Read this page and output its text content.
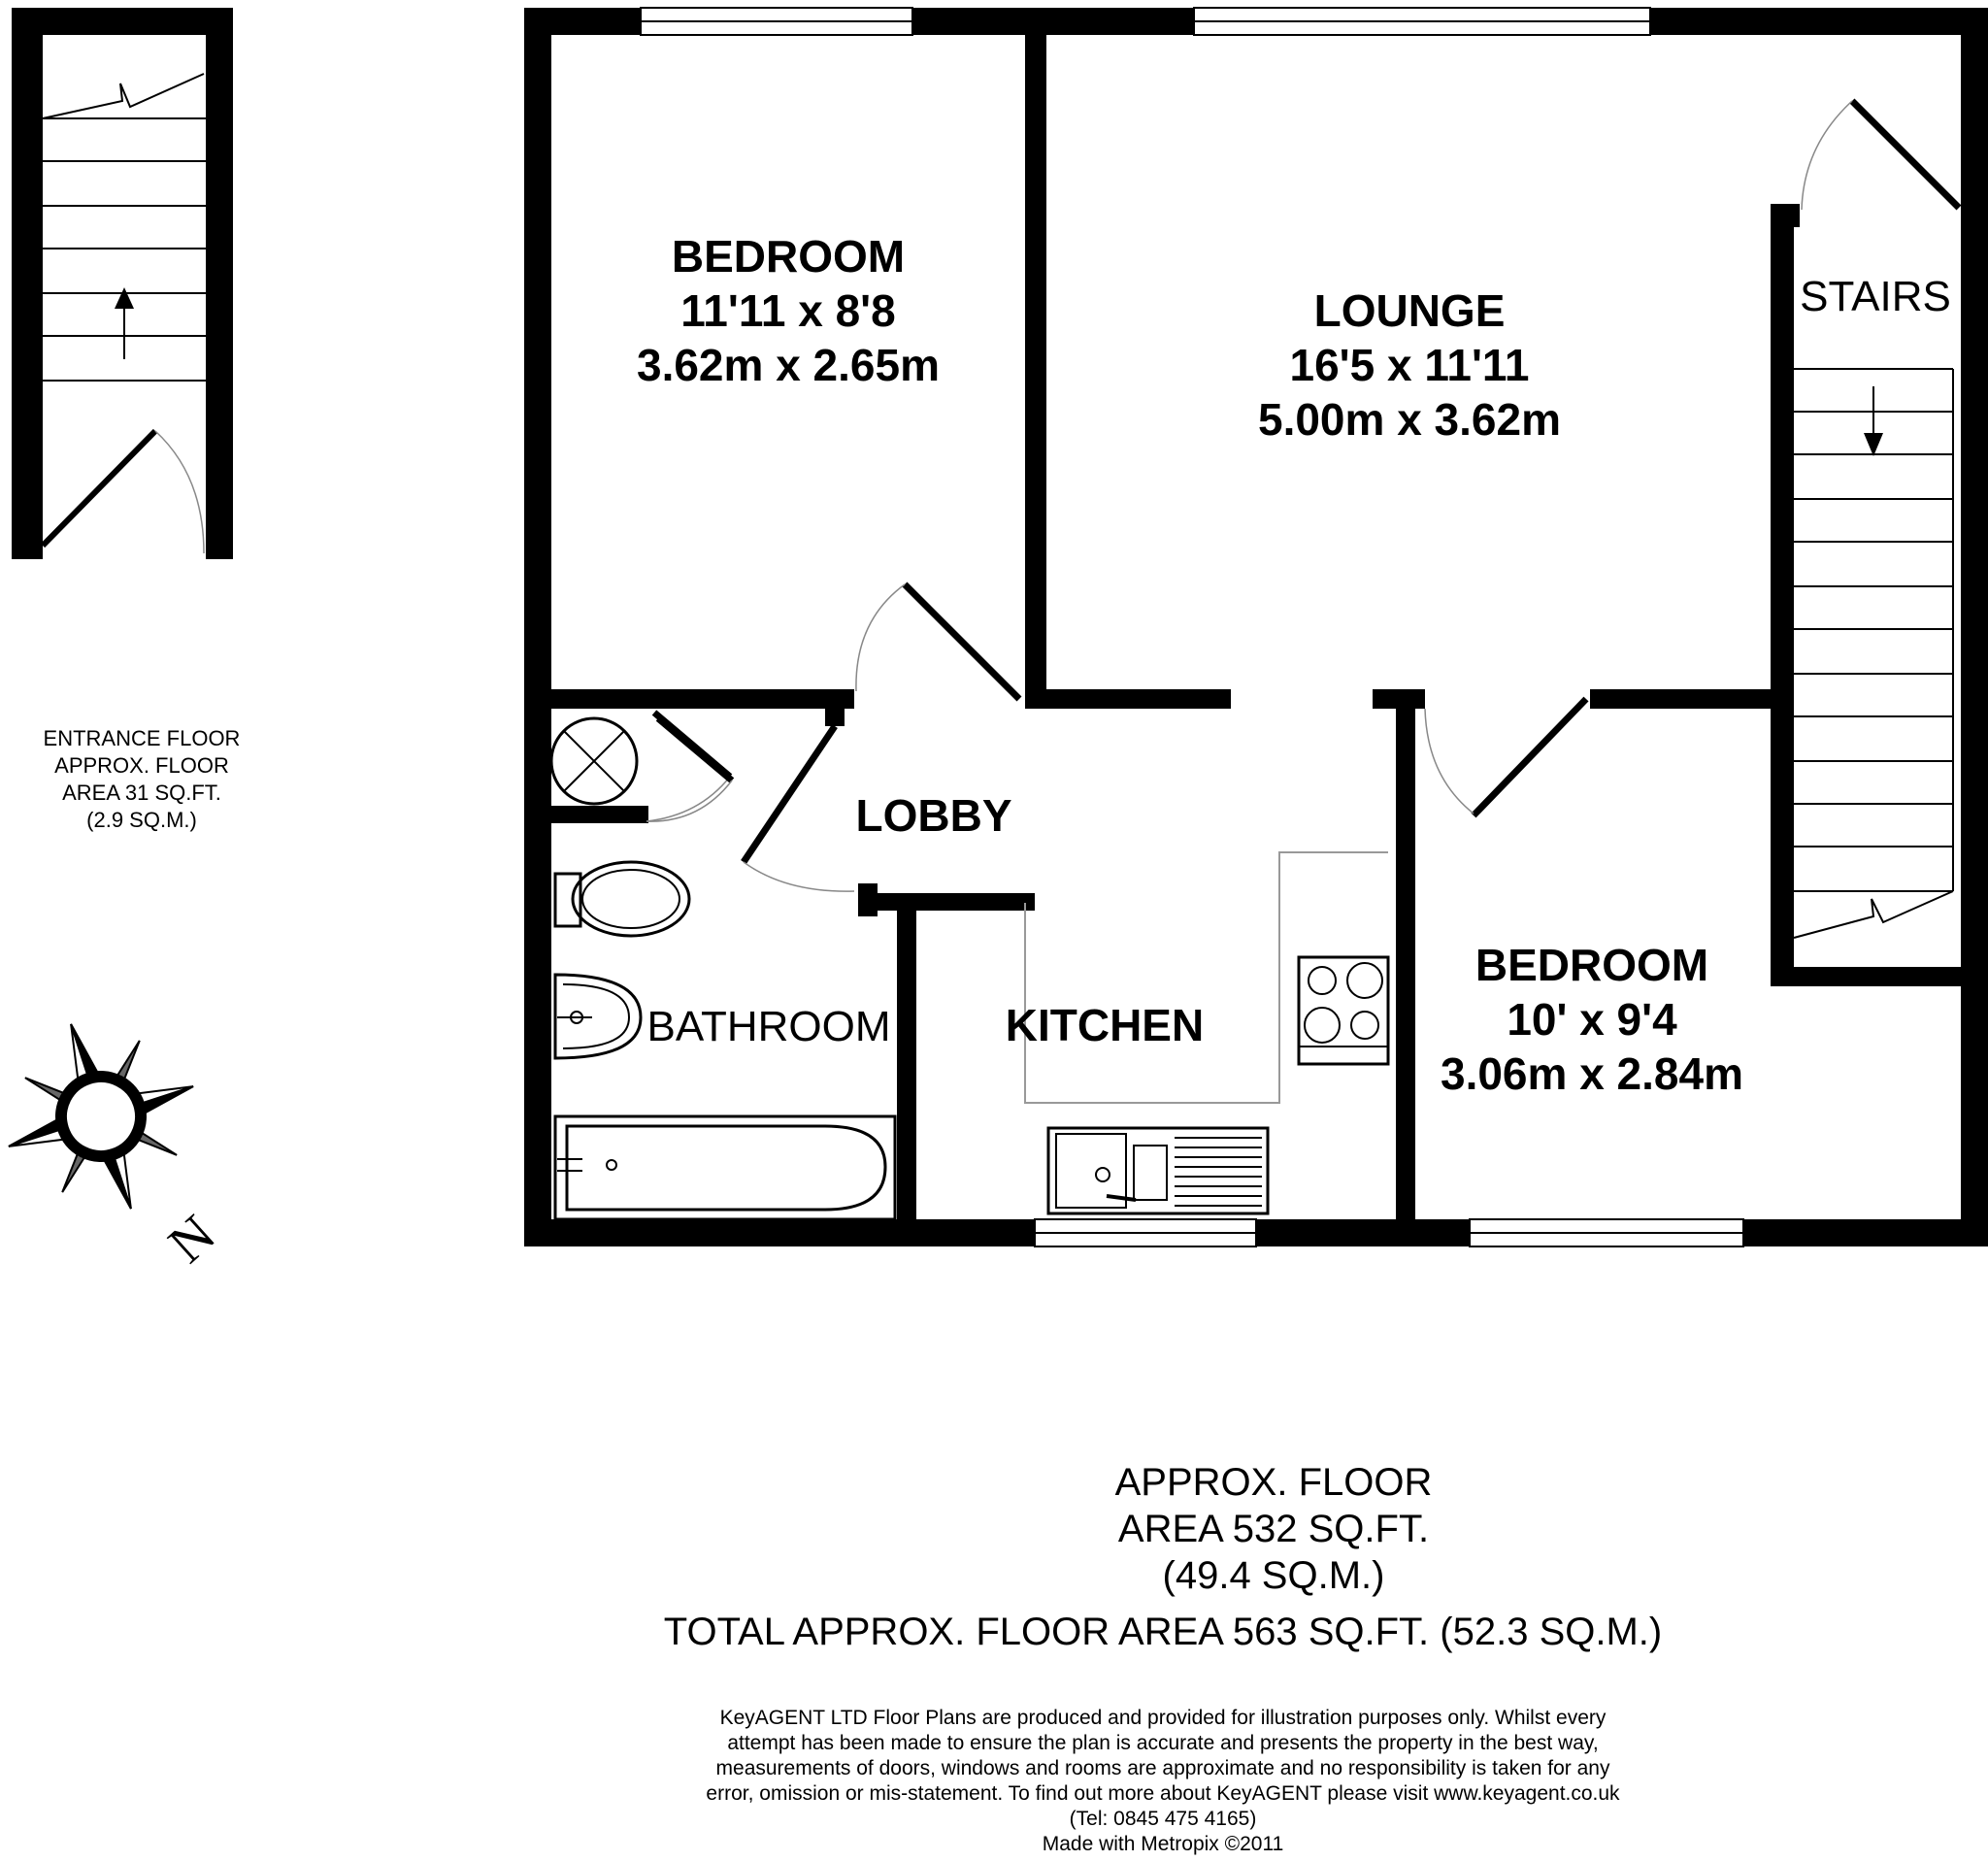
ENTRANCE FLOOR
APPROX. FLOOR
AREA 31 SQ.FT.
(2.9 SQ.M.)
BEDROOM
11'11 x 8'8
3.62m x 2.65m
LOUNGE
16'5 x 11'11
5.00m x 3.62m
STAIRS
LOBBY
BATHROOM	KITCHEN
BEDROOM
10' x 9'4
3.06m x 2.84m
N
APPROX. FLOOR
AREA 532 SQ.FT.
(49.4 SQ.M.)
TOTAL APPROX. FLOOR AREA 563 SQ.FT. (52.3 SQ.M.)
KeyAGENT LTD Floor Plans are produced and provided for illustration purposes only. Whilst every
attempt has been made to ensure the plan is accurate and presents the property in the best way,
measurements of doors, windows and rooms are approximate and no responsibility is taken for any
error, omission or mis-statement. To find out more about KeyAGENT please visit www.keyagent.co.uk
(Tel: 0845 475 4165)
Made with Metropix ©2011
